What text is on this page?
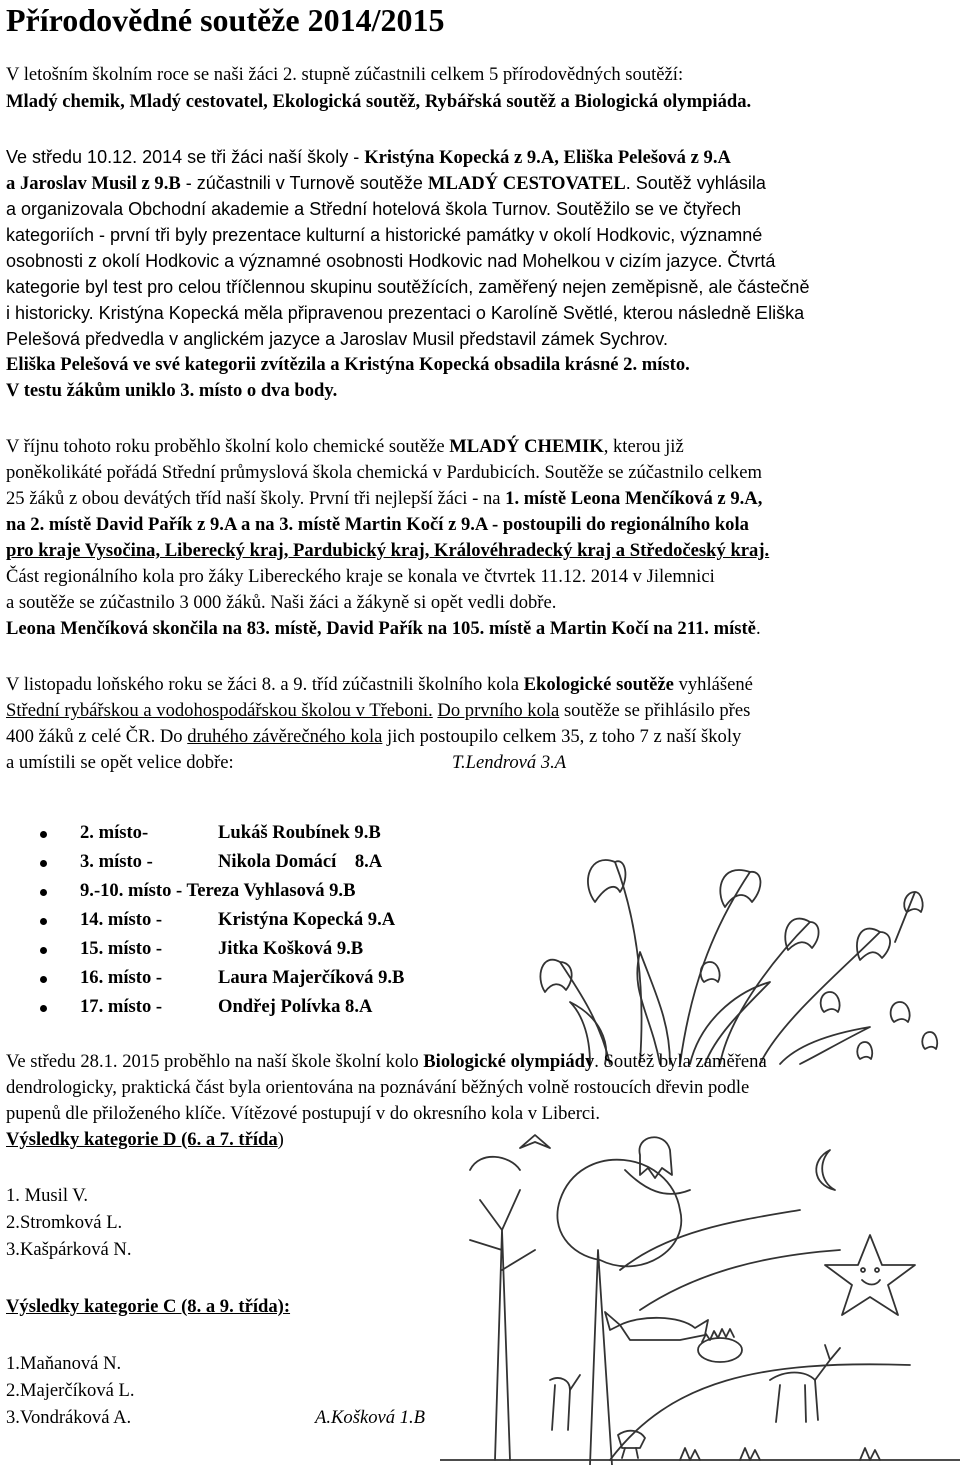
Přírodovědné soutěže 2014/2015
V letošním školním roce se naši žáci 2. stupně zúčastnili celkem 5 přírodovědných soutěží:
Mladý chemik, Mladý cestovatel, Ekologická soutěž, Rybářská soutěž a Biologická olympiáda.
Ve středu 10.12. 2014 se tři žáci naší školy - Kristýna Kopecká z 9.A, Eliška Pelešová z 9.A
a Jaroslav Musil z 9.B - zúčastnili v Turnově soutěže MLADÝ CESTOVATEL. Soutěž vyhlásila
a organizovala Obchodní akademie a Střední hotelová škola Turnov. Soutěžilo se ve čtyřech
kategoriích - první tři byly prezentace kulturní a historické památky v okolí Hodkovic, významné
osobnosti z okolí Hodkovic a významné osobnosti Hodkovic nad Mohelkou v cizím jazyce. Čtvrtá
kategorie byl test pro celou tříčlennou skupinu soutěžících, zaměřený nejen zeměpisně, ale částečně
i historicky. Kristýna Kopecká měla připravenou prezentaci o Karolíně Světlé, kterou následně Eliška
Pelešová předvedla v anglickém jazyce a Jaroslav Musil představil zámek Sychrov.
Eliška Pelešová ve své kategorii zvítězila a Kristýna Kopecká obsadila krásné 2. místo.
V testu žákům uniklo 3. místo o dva body.
V říjnu tohoto roku proběhlo školní kolo chemické soutěže MLADÝ CHEMIK, kterou již
poněkolikáté pořádá Střední průmyslová škola chemická v Pardubicích. Soutěže se zúčastnilo celkem
25 žáků z obou devátých tříd naší školy. První tři nejlepší žáci - na 1. místě Leona Menčíková z 9.A,
na 2. místě David Pařík z 9.A a na 3. místě Martin Kočí z 9.A - postoupili do regionálního kola
pro kraje Vysočina, Liberecký kraj, Pardubický kraj, Královéhradecký kraj a Středočeský kraj.
Část regionálního kola pro žáky Libereckého kraje se konala ve čtvrtek 11.12. 2014 v Jilemnici
a soutěže se zúčastnilo 3 000 žáků. Naši žáci a žákyně si opět vedli dobře.
Leona Menčíková skončila na 83. místě, David Pařík na 105. místě a Martin Kočí na 211. místě.
V listopadu loňského roku se žáci 8. a 9. tříd zúčastnili školního kola Ekologické soutěže vyhlášené
Střední rybářskou a vodohospodářskou školou v Třeboni. Do prvního kola soutěže se přihlásilo přes
400 žáků z celé ČR. Do druhého závěrečného kola jich postoupilo celkem 35, z toho 7 z naší školy
a umístili se opět velice dobře:	T.Lendrová 3.A
2. místo-	Lukáš Roubínek 9.B
3. místo -	Nikola Domácí    8.A
9.-10. místo - Tereza Vyhlasová 9.B
14. místo -	Kristýna Kopecká 9.A
15. místo -	Jitka Košková 9.B
16. místo -	Laura Majerčíková 9.B
17. místo -	Ondřej Polívka 8.A
Ve středu 28.1. 2015 proběhlo na naší škole školní kolo Biologické olympiády. Soutěž byla zaměřena
dendrologicky, praktická část byla orientována na poznávání běžných volně rostoucích dřevin podle
pupenů dle přiloženého klíče. Vítězové postupují v do okresního kola v Liberci.
Výsledky kategorie D (6. a 7. třída)
1. Musil V.
2.Stromková L.
3.Kašpárková N.
Výsledky kategorie C (8. a 9. třída):
1.Maňanová N.
2.Majerčíková L.
3.Vondráková A.	A.Košková 1.B
